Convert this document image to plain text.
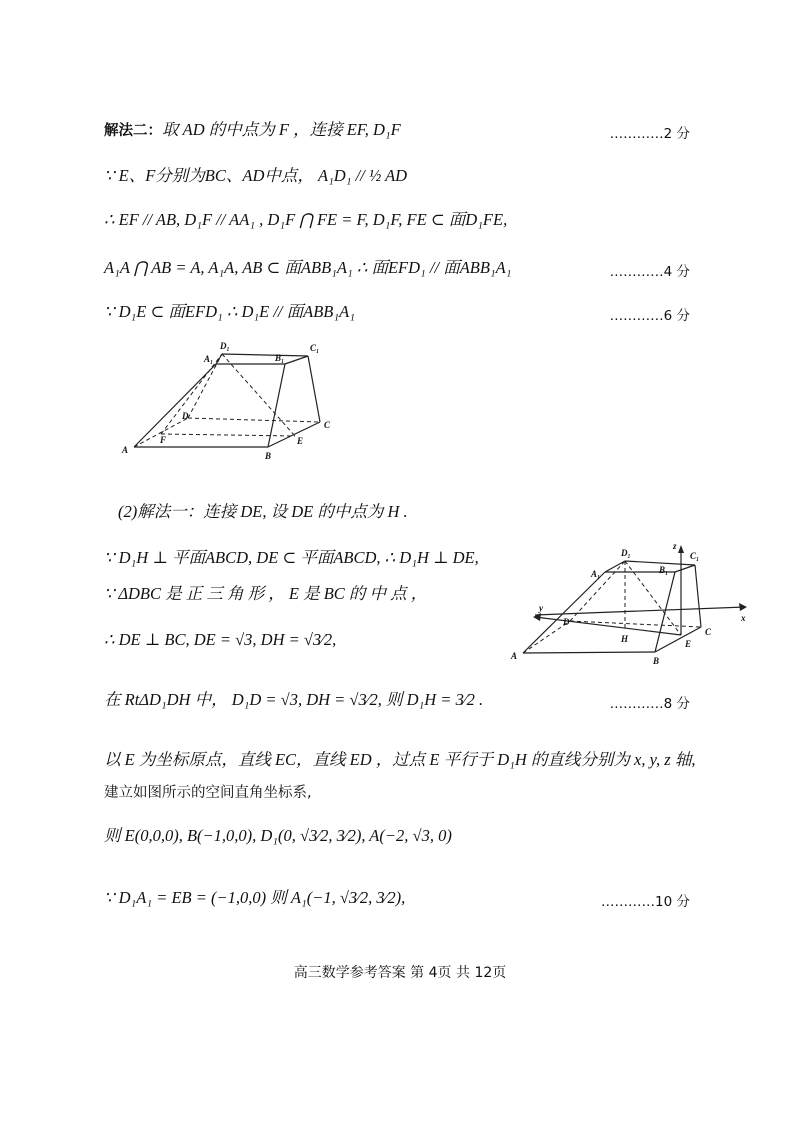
解法二：取 AD 的中点为 F ，连接 EF, D₁F	…………2 分
∵ E、F分别为BC、AD中点， A₁D₁ // ½ AD
∴ EF // AB, D₁F // AA₁ , D₁F ⋂ FE = F, D₁F, FE ⊂ 面D₁FE,
A₁A ⋂ AB = A, A₁A, AB ⊂ 面ABB₁A₁ ∴ 面EFD₁ // 面ABB₁A₁	…………4 分
∵ D₁E ⊂ 面EFD₁ ∴ D₁E // 面ABB₁A₁	…………6 分
A₁
D₁
B₁
C₁
D
C
A
F
B
E
(2)解法一：连接 DE, 设 DE 的中点为 H .
∵ D₁H ⊥ 平面ABCD, DE ⊂ 平面ABCD, ∴ D₁H ⊥ DE,
∵ ΔDBC 是 正 三 角 形 ， E 是 BC 的 中 点 ，
∴ DE ⊥ BC, DE = √3, DH = √3⁄2,
D₁
z
C₁
A₁	B₁
y
D
H
C
x
A
E
B
在 RtΔD₁DH 中， D₁D = √3, DH = √3⁄2, 则 D₁H = 3⁄2 .	…………8 分
以 E 为坐标原点，直线 EC，直线 ED ，过点 E 平行于 D₁H 的直线分别为 x, y, z 轴,
建立如图所示的空间直角坐标系,
则 E(0,0,0), B(−1,0,0), D₁(0, √3⁄2, 3⁄2), A(−2, √3, 0)
∵ D₁A₁ = EB = (−1,0,0) 则 A₁(−1, √3⁄2, 3⁄2),	…………10 分
高三数学参考答案 第 4页 共 12页
